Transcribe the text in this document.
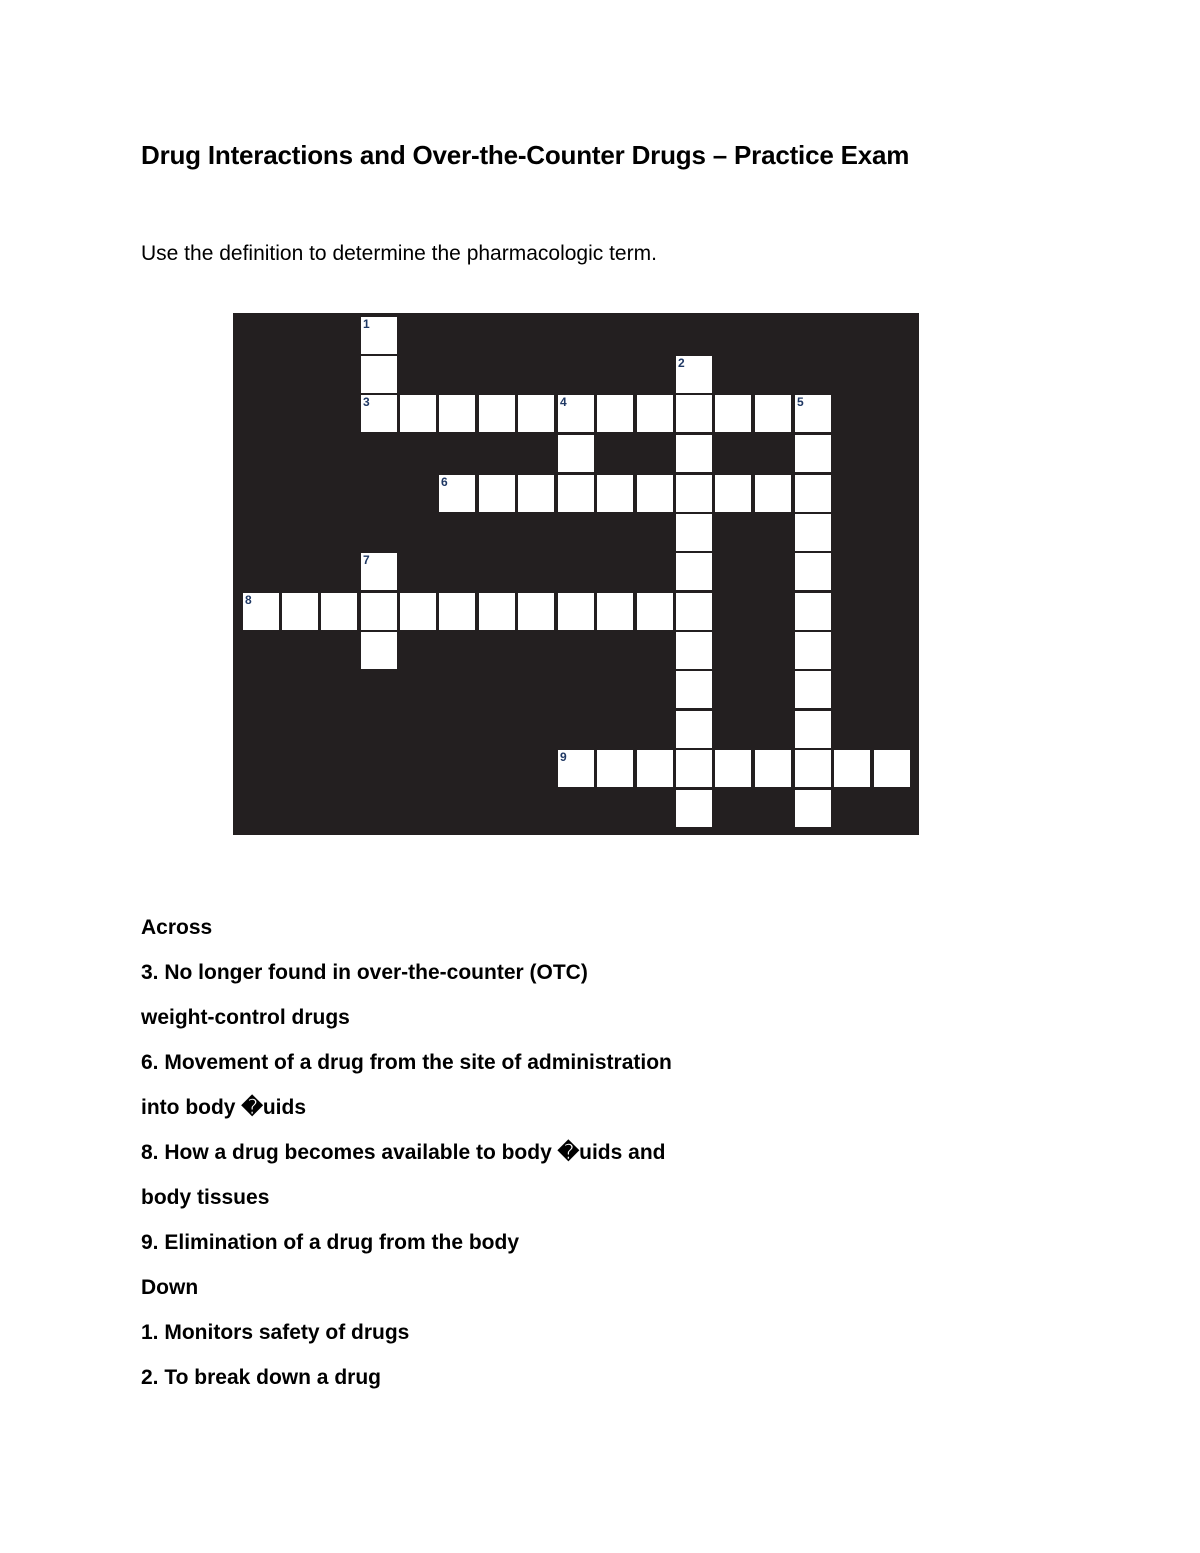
Drug Interactions and Over-the-Counter Drugs – Practice Exam
Use the definition to determine the pharmacologic term.
3	4	5
6
8
9
1
2
7
Across
3. No longer found in over-the-counter (OTC)
weight-control drugs
6. Movement of a drug from the site of administration
into body �uids
8. How a drug becomes available to body �uids and
body tissues
9. Elimination of a drug from the body
Down
1. Monitors safety of drugs
2. To break down a drug
